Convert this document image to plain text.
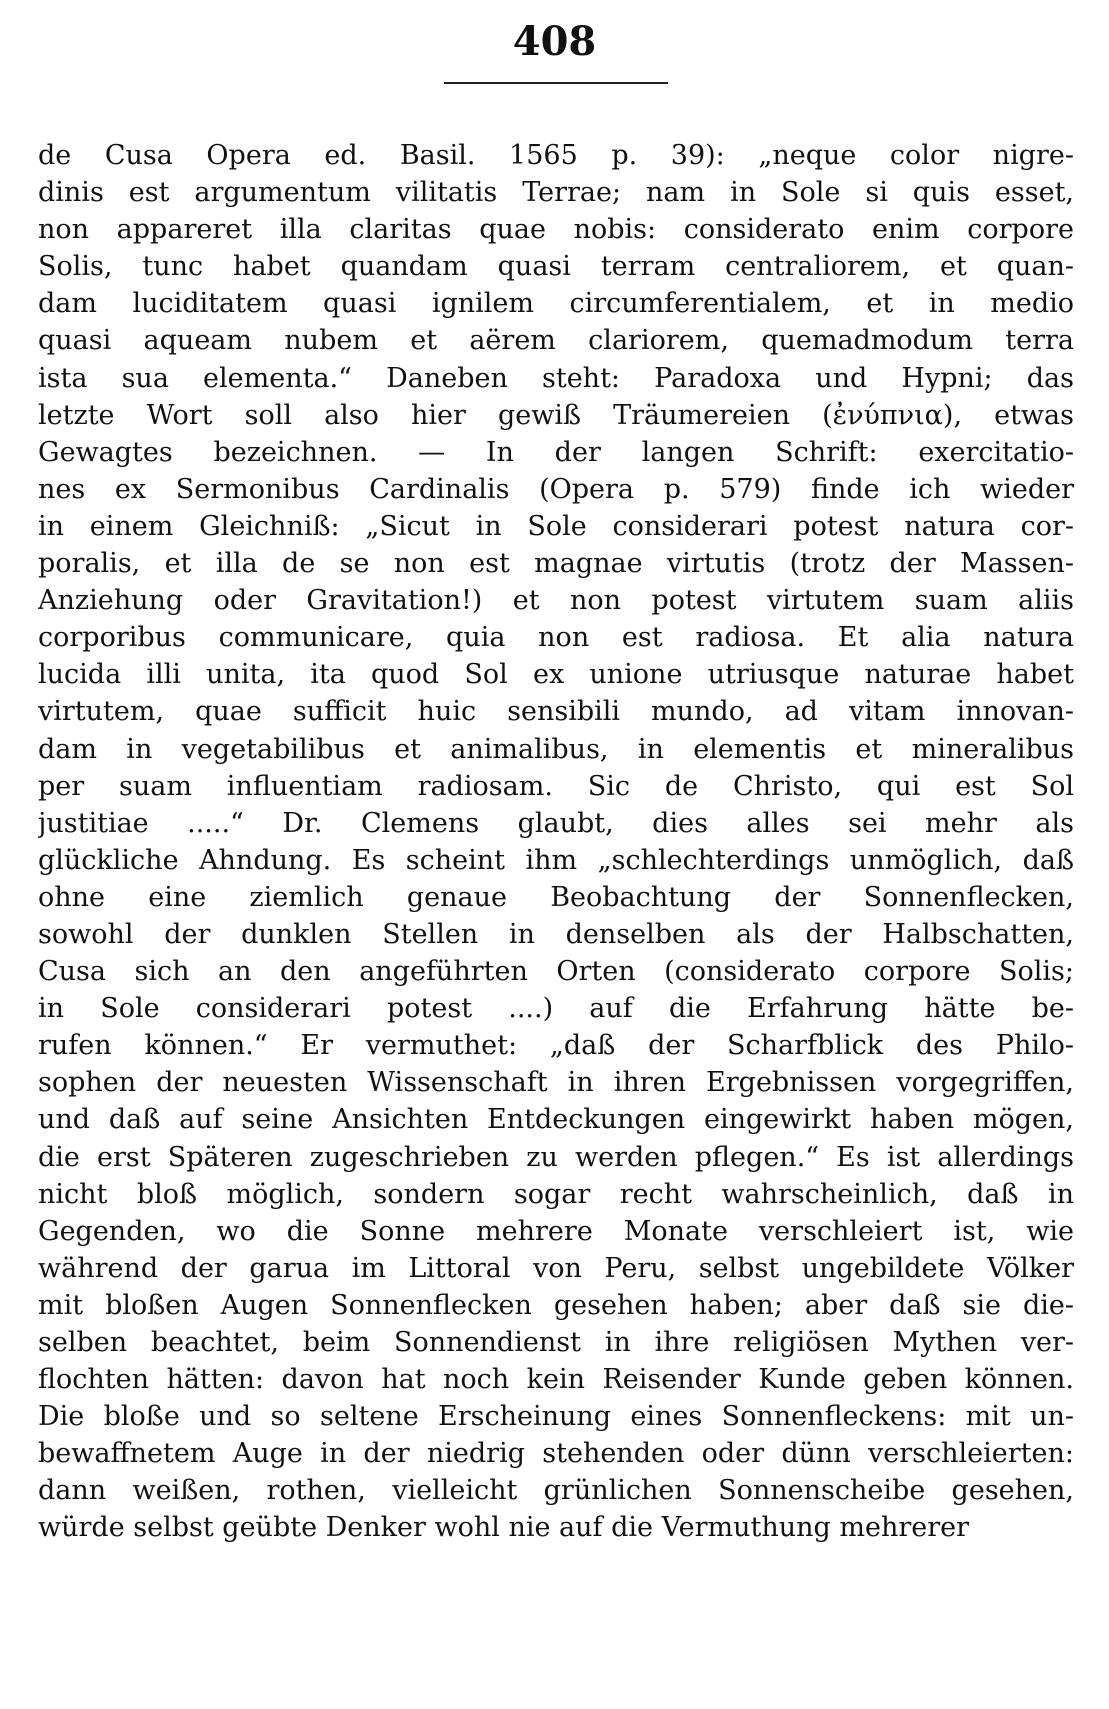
408
de Cusa Opera ed. Basil. 1565 p. 39): „neque color nigre-
dinis est argumentum vilitatis Terrae; nam in Sole si quis esset,
non appareret illa claritas quae nobis: considerato enim corpore
Solis, tunc habet quandam quasi terram centraliorem, et quan-
dam luciditatem quasi ignilem circumferentialem, et in medio
quasi aqueam nubem et aërem clariorem, quemadmodum terra
ista sua elementa.“ Daneben steht: Paradoxa und Hypni; das
letzte Wort soll also hier gewiß Träumereien (ἐνύπνια), etwas
Gewagtes bezeichnen. — In der langen Schrift: exercitatio-
nes ex Sermonibus Cardinalis (Opera p. 579) finde ich wieder
in einem Gleichniß: „Sicut in Sole considerari potest natura cor-
poralis, et illa de se non est magnae virtutis (trotz der Massen-
Anziehung oder Gravitation!) et non potest virtutem suam aliis
corporibus communicare, quia non est radiosa. Et alia natura
lucida illi unita, ita quod Sol ex unione utriusque naturae habet
virtutem, quae sufficit huic sensibili mundo, ad vitam innovan-
dam in vegetabilibus et animalibus, in elementis et mineralibus
per suam influentiam radiosam. Sic de Christo, qui est Sol
justitiae .....“ Dr. Clemens glaubt, dies alles sei mehr als
glückliche Ahndung. Es scheint ihm „schlechterdings unmöglich, daß
ohne eine ziemlich genaue Beobachtung der Sonnenflecken,
sowohl der dunklen Stellen in denselben als der Halbschatten,
Cusa sich an den angeführten Orten (considerato corpore Solis;
in Sole considerari potest ....) auf die Erfahrung hätte be-
rufen können.“ Er vermuthet: „daß der Scharfblick des Philo-
sophen der neuesten Wissenschaft in ihren Ergebnissen vorgegriffen,
und daß auf seine Ansichten Entdeckungen eingewirkt haben mögen,
die erst Späteren zugeschrieben zu werden pflegen.“ Es ist allerdings
nicht bloß möglich, sondern sogar recht wahrscheinlich, daß in
Gegenden, wo die Sonne mehrere Monate verschleiert ist, wie
während der garua im Littoral von Peru, selbst ungebildete Völker
mit bloßen Augen Sonnenflecken gesehen haben; aber daß sie die-
selben beachtet, beim Sonnendienst in ihre religiösen Mythen ver-
flochten hätten: davon hat noch kein Reisender Kunde geben können.
Die bloße und so seltene Erscheinung eines Sonnenfleckens: mit un-
bewaffnetem Auge in der niedrig stehenden oder dünn verschleierten:
dann weißen, rothen, vielleicht grünlichen Sonnenscheibe gesehen,
würde selbst geübte Denker wohl nie auf die Vermuthung mehrerer
